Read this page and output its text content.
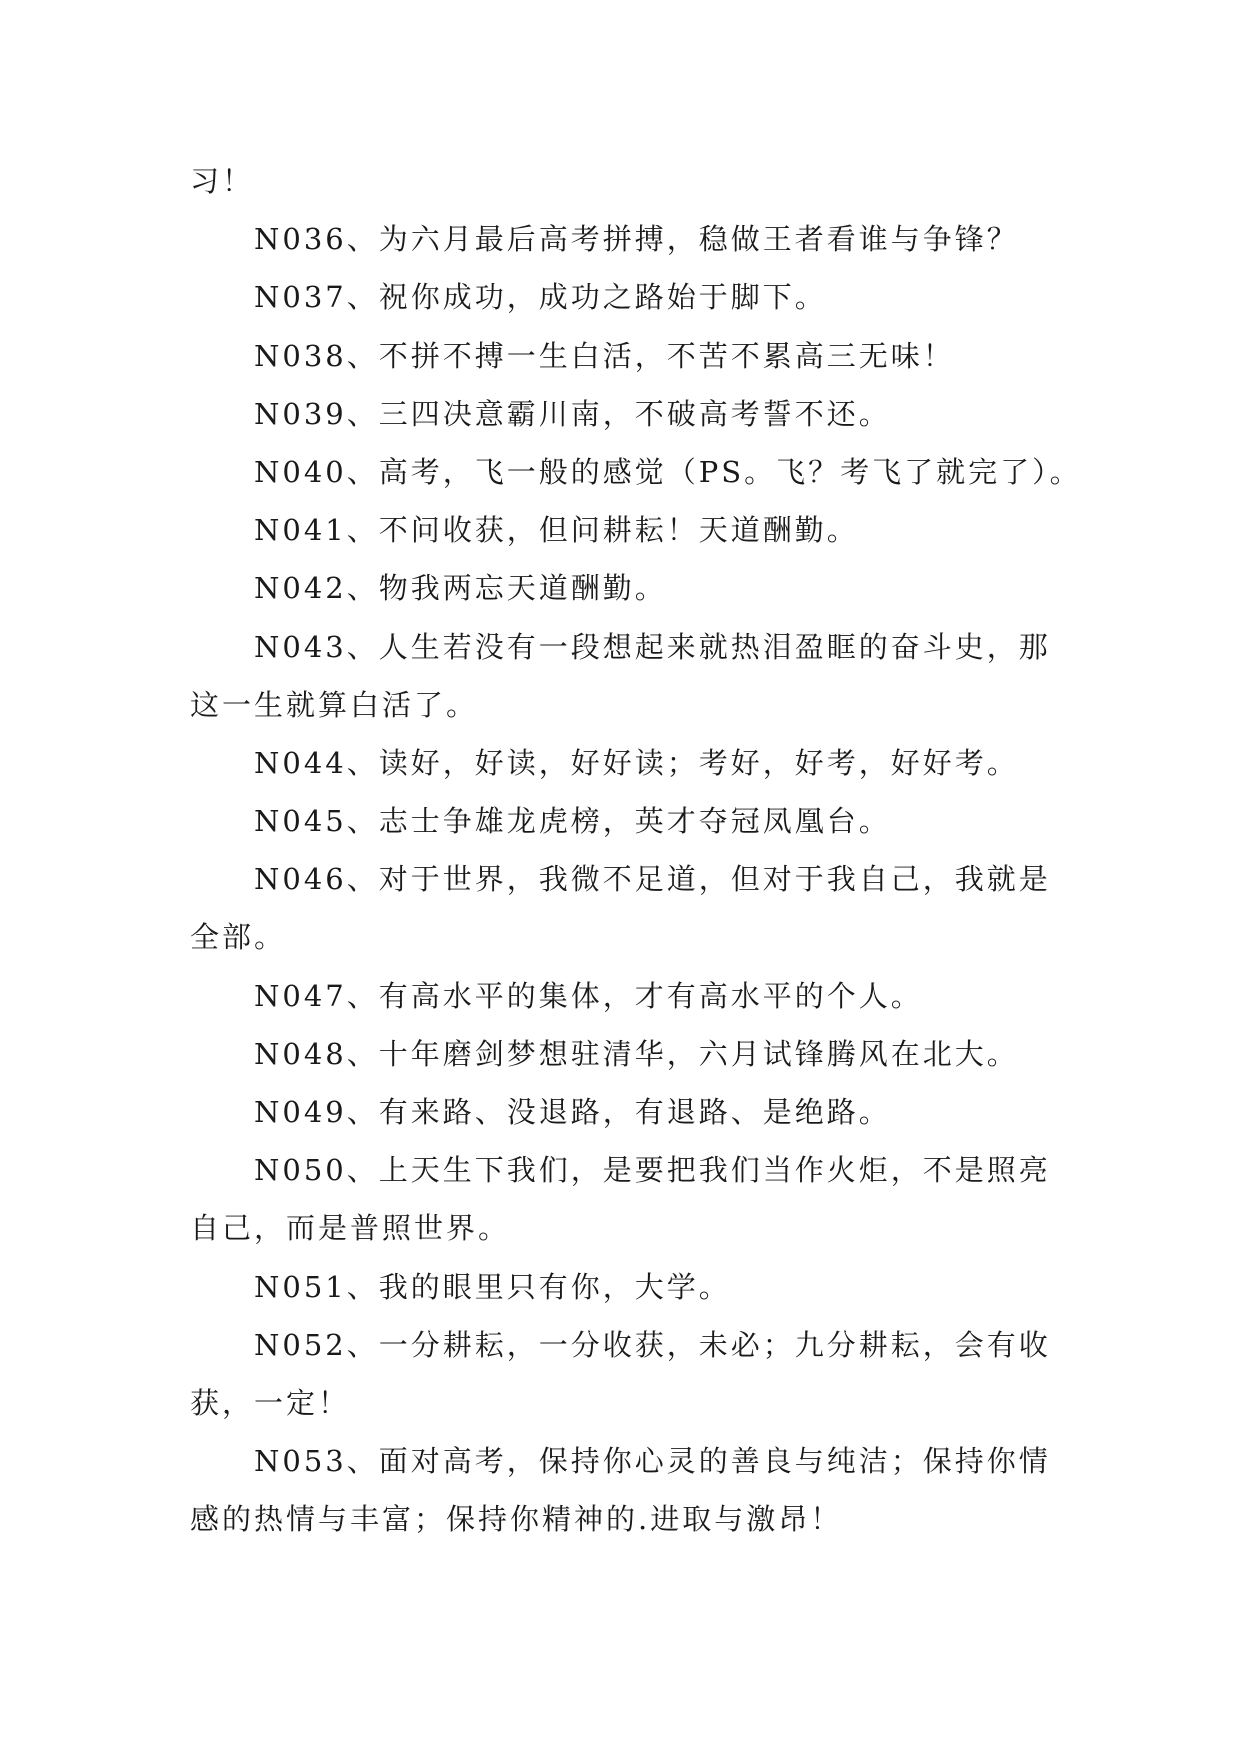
习！
N036、为六月最后高考拼搏，稳做王者看谁与争锋？
N037、祝你成功，成功之路始于脚下。
N038、不拼不搏一生白活，不苦不累高三无味！
N039、三四决意霸川南，不破高考誓不还。
N040、高考，飞一般的感觉（PS。飞？考飞了就完了）。
N041、不问收获，但问耕耘！天道酬勤。
N042、物我两忘天道酬勤。
N043、人生若没有一段想起来就热泪盈眶的奋斗史，那
这一生就算白活了。
N044、读好，好读，好好读；考好，好考，好好考。
N045、志士争雄龙虎榜，英才夺冠凤凰台。
N046、对于世界，我微不足道，但对于我自己，我就是
全部。
N047、有高水平的集体，才有高水平的个人。
N048、十年磨剑梦想驻清华，六月试锋腾风在北大。
N049、有来路、没退路，有退路、是绝路。
N050、上天生下我们，是要把我们当作火炬，不是照亮
自己，而是普照世界。
N051、我的眼里只有你，大学。
N052、一分耕耘，一分收获，未必；九分耕耘，会有收
获，一定！
N053、面对高考，保持你心灵的善良与纯洁；保持你情
感的热情与丰富；保持你精神的.进取与激昂！
